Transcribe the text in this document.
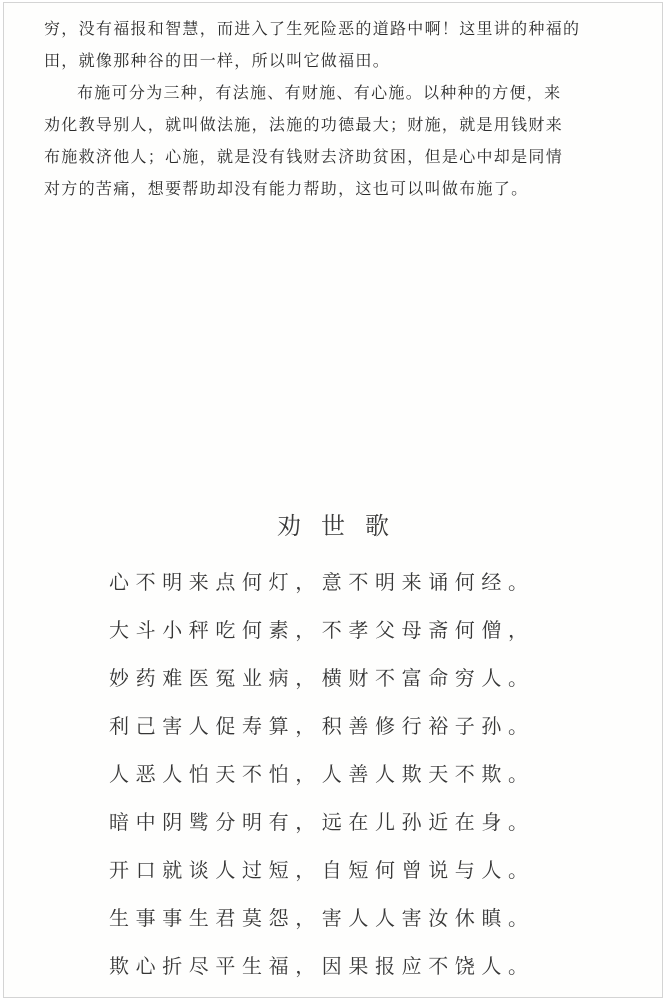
穷，没有福报和智慧，而进入了生死险恶的道路中啊！这里讲的种福的
田，就像那种谷的田一样，所以叫它做福田。
布施可分为三种，有法施、有财施、有心施。以种种的方便，来
劝化教导别人，就叫做法施，法施的功德最大；财施，就是用钱财来
布施救济他人；心施，就是没有钱财去济助贫困，但是心中却是同情
对方的苦痛，想要帮助却没有能力帮助，这也可以叫做布施了。
劝世歌
心不明来点何灯，意不明来诵何经。
大斗小秤吃何素，不孝父母斋何僧，
妙药难医冤业病，横财不富命穷人。
利己害人促寿算，积善修行裕子孙。
人恶人怕天不怕，人善人欺天不欺。
暗中阴骘分明有，远在儿孙近在身。
开口就谈人过短，自短何曾说与人。
生事事生君莫怨，害人人害汝休瞋。
欺心折尽平生福，因果报应不饶人。
